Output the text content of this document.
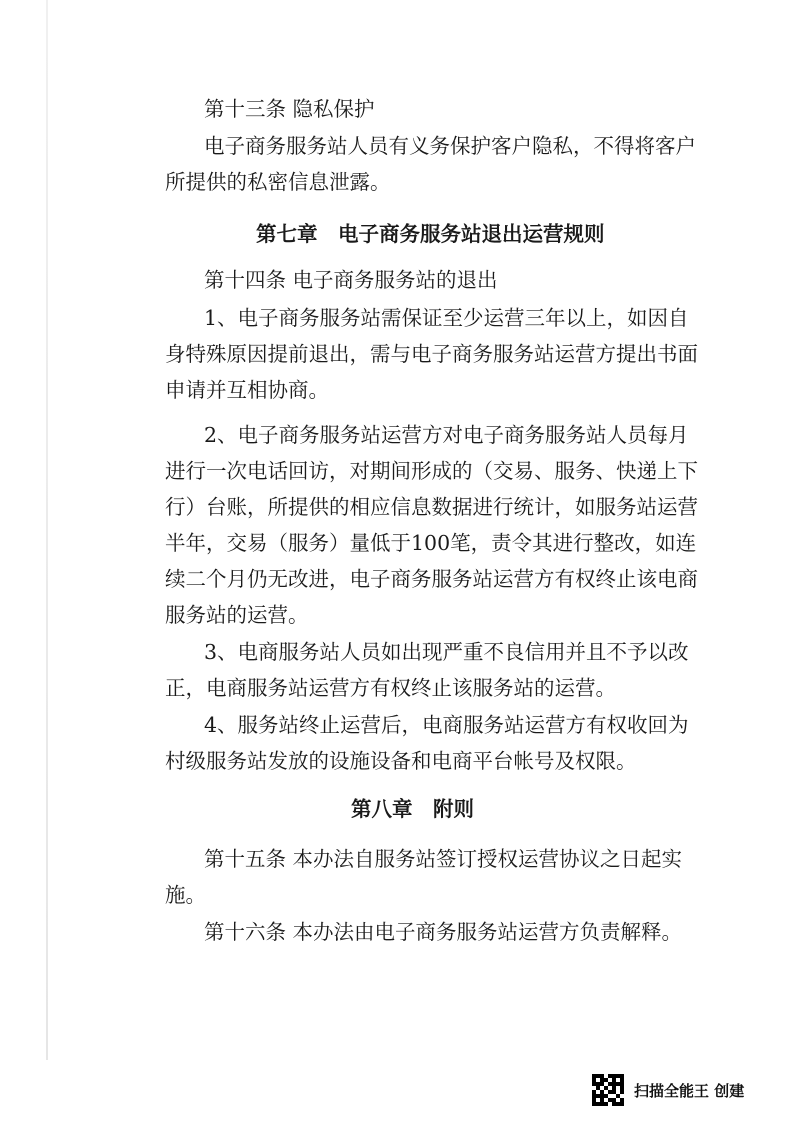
第十三条 隐私保护
电子商务服务站人员有义务保护客户隐私，不得将客户
所提供的私密信息泄露。
第七章　电子商务服务站退出运营规则
第十四条 电子商务服务站的退出
1、电子商务服务站需保证至少运营三年以上，如因自
身特殊原因提前退出，需与电子商务服务站运营方提出书面
申请并互相协商。
2、电子商务服务站运营方对电子商务服务站人员每月
进行一次电话回访，对期间形成的（交易、服务、快递上下
行）台账，所提供的相应信息数据进行统计，如服务站运营
半年，交易（服务）量低于100笔，责令其进行整改，如连
续二个月仍无改进，电子商务服务站运营方有权终止该电商
服务站的运营。
3、电商服务站人员如出现严重不良信用并且不予以改
正，电商服务站运营方有权终止该服务站的运营。
4、服务站终止运营后，电商服务站运营方有权收回为
村级服务站发放的设施设备和电商平台帐号及权限。
第八章　附则
第十五条 本办法自服务站签订授权运营协议之日起实
施。
第十六条 本办法由电子商务服务站运营方负责解释。
扫描全能王 创建
